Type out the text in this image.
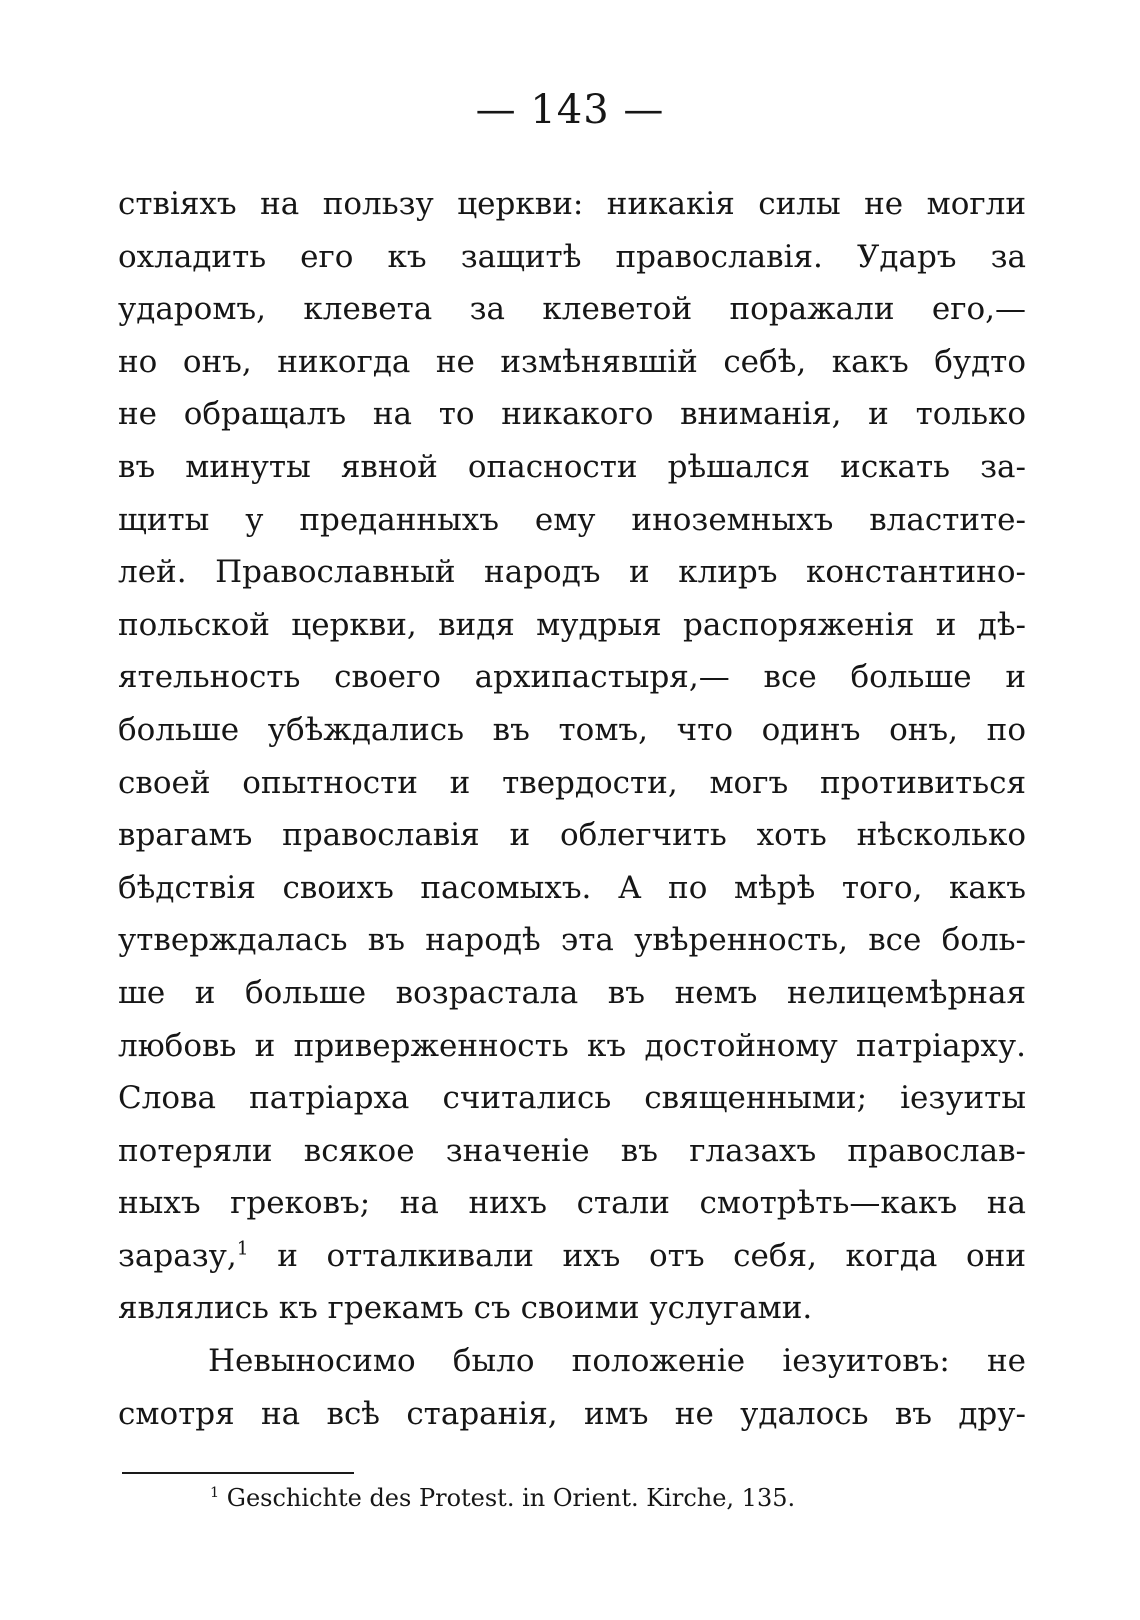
— 143 —
ствіяхъ на пользу церкви: никакія силы не могли
охладить его къ защитѣ православія. Ударъ за
ударомъ, клевета за клеветой поражали его,—
но онъ, никогда не измѣнявшій себѣ, какъ будто
не обращалъ на то никакого вниманія, и только
въ минуты явной опасности рѣшался искать за-
щиты у преданныхъ ему иноземныхъ властите-
лей. Православный народъ и клиръ константино-
польской церкви, видя мудрыя распоряженія и дѣ-
ятельность своего архипастыря,— все больше и
больше убѣждались въ томъ, что одинъ онъ, по
своей опытности и твердости, могъ противиться
врагамъ православія и облегчить хоть нѣсколько
бѣдствія своихъ пасомыхъ. А по мѣрѣ того, какъ
утверждалась въ народѣ эта увѣренность, все боль-
ше и больше возрастала въ немъ нелицемѣрная
любовь и приверженность къ достойному патріарху.
Слова патріарха считались священными; іезуиты
потеряли всякое значеніе въ глазахъ православ-
ныхъ грековъ; на нихъ стали смотрѣть—какъ на
заразу,$^1$ и отталкивали ихъ отъ себя, когда они
являлись къ грекамъ съ своими услугами.
Невыносимо было положеніе іезуитовъ: не
смотря на всѣ старанія, имъ не удалось въ дру-
$^1$ Geschichte des Protest. in Orient. Kirche, 135.
